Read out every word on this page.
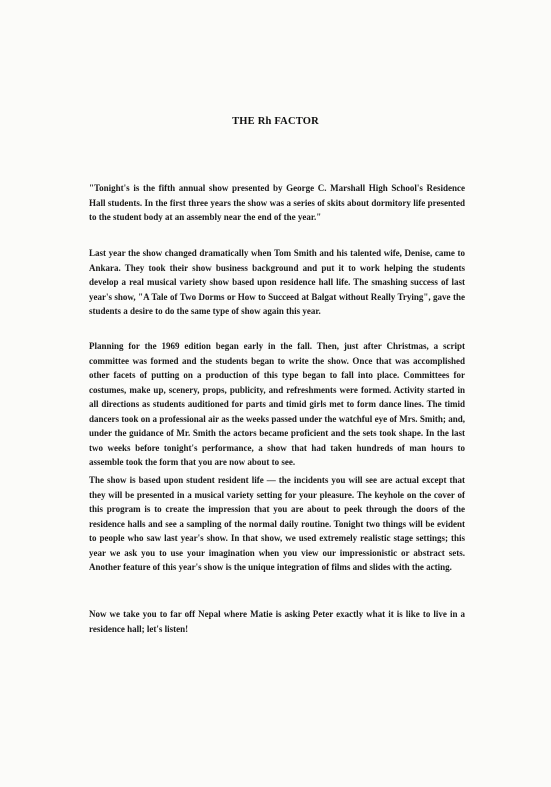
THE Rh FACTOR

"Tonight's is the fifth annual show presented by George C. Marshall High School's Residence Hall students. In the first three years the show was a series of skits about dormitory life presented to the student body at an assembly near the end of the year."

Last year the show changed dramatically when Tom Smith and his talented wife, Denise, came to Ankara. They took their show business background and put it to work helping the students develop a real musical variety show based upon residence hall life. The smashing success of last year's show, "A Tale of Two Dorms or How to Succeed at Balgat without Really Trying", gave the students a desire to do the same type of show again this year.

Planning for the 1969 edition began early in the fall. Then, just after Christmas, a script committee was formed and the students began to write the show. Once that was accomplished other facets of putting on a production of this type began to fall into place. Committees for costumes, make up, scenery, props, publicity, and refreshments were formed. Activity started in all directions as students auditioned for parts and timid girls met to form dance lines. The timid dancers took on a professional air as the weeks passed under the watchful eye of Mrs. Smith; and, under the guidance of Mr. Smith the actors became proficient and the sets took shape. In the last two weeks before tonight's performance, a show that had taken hundreds of man hours to assemble took the form that you are now about to see.

The show is based upon student resident life — the incidents you will see are actual except that they will be presented in a musical variety setting for your pleasure. The keyhole on the cover of this program is to create the impression that you are about to peek through the doors of the residence halls and see a sampling of the normal daily routine. Tonight two things will be evident to people who saw last year's show. In that show, we used extremely realistic stage settings; this year we ask you to use your imagination when you view our impressionistic or abstract sets. Another feature of this year's show is the unique integration of films and slides with the acting.

Now we take you to far off Nepal where Matie is asking Peter exactly what it is like to live in a residence hall; let's listen!
